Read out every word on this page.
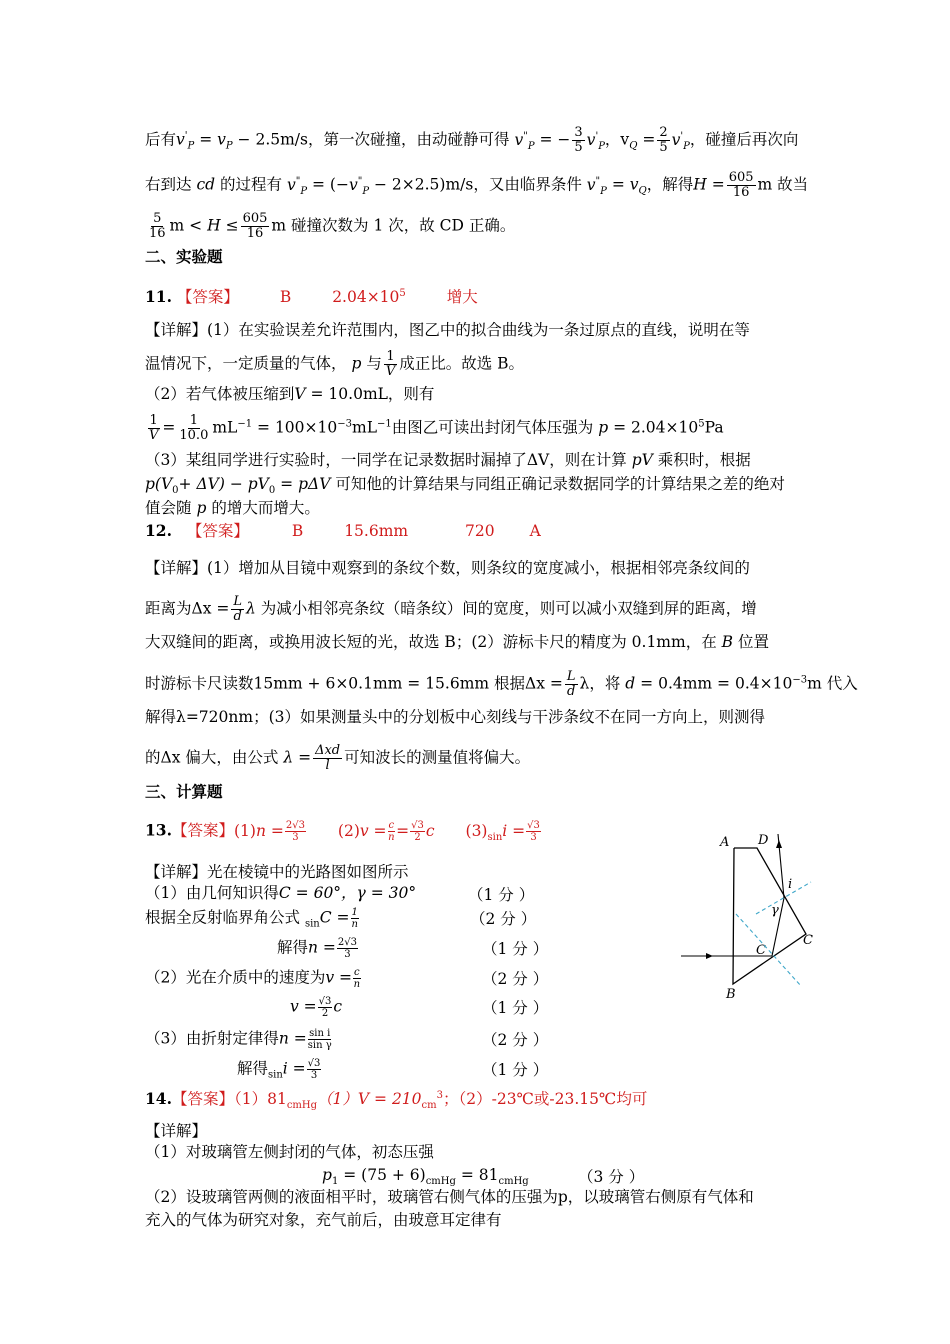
后有$v'_P = v_P - 2.5m/s$，第一次碰撞，由动碰静可得 $v^"_P$ = − $\frac{3}{5} v'_P$，$v_Q = \frac{2}{5} v'_P$，碰撞后再次向
右到达 cd 的过程有 $v^"_P = (-v^"_P - 2\times 2.5)m/s$，又由临界条件 $v^"_P = v_Q$，解得$H = \frac{605}{16}$ m 故当
$\frac{5}{16}$ $m < H \le \frac{605}{16}$ m 碰撞次数为 1 次，故 CD 正确。
二、实验题
11. 【答案】	B	$2.04\times 10^5$	增大
【详解】(1）在实验误差允许范围内，图乙中的拟合曲线为一条过原点的直线，说明在等
温情况下，一定质量的气体， p 与 $\frac{1}{V}$ 成正比。故选 B。
（2）若气体被压缩到V = 10.0mL，则有
$\frac{1}{V} = \frac{1}{10.0} mL^{-1} = 100\times 10^{-3}mL^{-1}$由图乙可读出封闭气体压强为 $p = 2.04\times 10^5Pa$
（3）某组同学进行实验时，一同学在记录数据时漏掉了ΔV，则在计算 pV 乘积时，根据
$p(V_0+ \Delta V) - pV_0 = p\Delta V$ 可知他的计算结果与同组正确记录数据同学的计算结果之差的绝对
值会随 p 的增大而增大。
12. 【答案】	B	15.6mm	720 A
【详解】(1）增加从目镜中观察到的条纹个数，则条纹的宽度减小，根据相邻亮条纹间的
距离为$\Delta x = \frac{L}{d}$ λ 为减小相邻亮条纹（暗条纹）间的宽度，则可以减小双缝到屏的距离，增
大双缝间的距离，或换用波长短的光，故选 B；(2）游标卡尺的精度为 0.1mm，在 B 位置
时游标卡尺读数15mm + 6×0.1mm = 15.6mm 根据$\Delta x = \frac{L}{d}$ λ，将 $d = 0.4mm = 0.4\times 10^{-3}m$ 代入
解得λ=720nm；(3）如果测量头中的分划板中心刻线与干涉条纹不在同一方向上，则测得
的Δx 偏大，由公式 $\lambda = \frac{\text{Δxd}}{l}$ 可知波长的测量值将偏大。
三、计算题
13.【答案】$(1)n = \frac{2√3}{3} (2)v = \frac{c}{n} = \frac{√3}{2}$ c $(3)_{sin}i = \frac{√3}{3}$
【详解】光在棱镜中的光路图如图所示
（1）由几何知识得C = 60°，γ = 30°	（1 分 ）
根据全反射临界角公式 $_{sin}C = \frac{1}{n}$	（2 分 ）
解得$n = \frac{2√3}{3}$	（1 分 ）
（2）光在介质中的速度为$v = \frac{c}{n}$	（2 分 ）
$v = \frac{√3}{2}$ c	（1 分 ）
（3）由折射定律得$n = \frac{\text{sin i}}{\text{sin γ}}$	（2 分 ）
解得$_{sin}i = \frac{√3}{3}$	（1 分 ）
A D
B
C
C
i
γ
14.【答案】$(1)81_{cmHg}(1)V = 210_{cm}^3$；（2）-23℃或-23.15℃均可
【详解】
（1）对玻璃管左侧封闭的气体，初态压强
$p_1 = (75 + 6)_{cmHg} = 81_{cmHg}$	（3 分 ）
（2）设玻璃管两侧的液面相平时，玻璃管右侧气体的压强为p，以玻璃管右侧原有气体和
充入的气体为研究对象，充气前后，由玻意耳定律有
